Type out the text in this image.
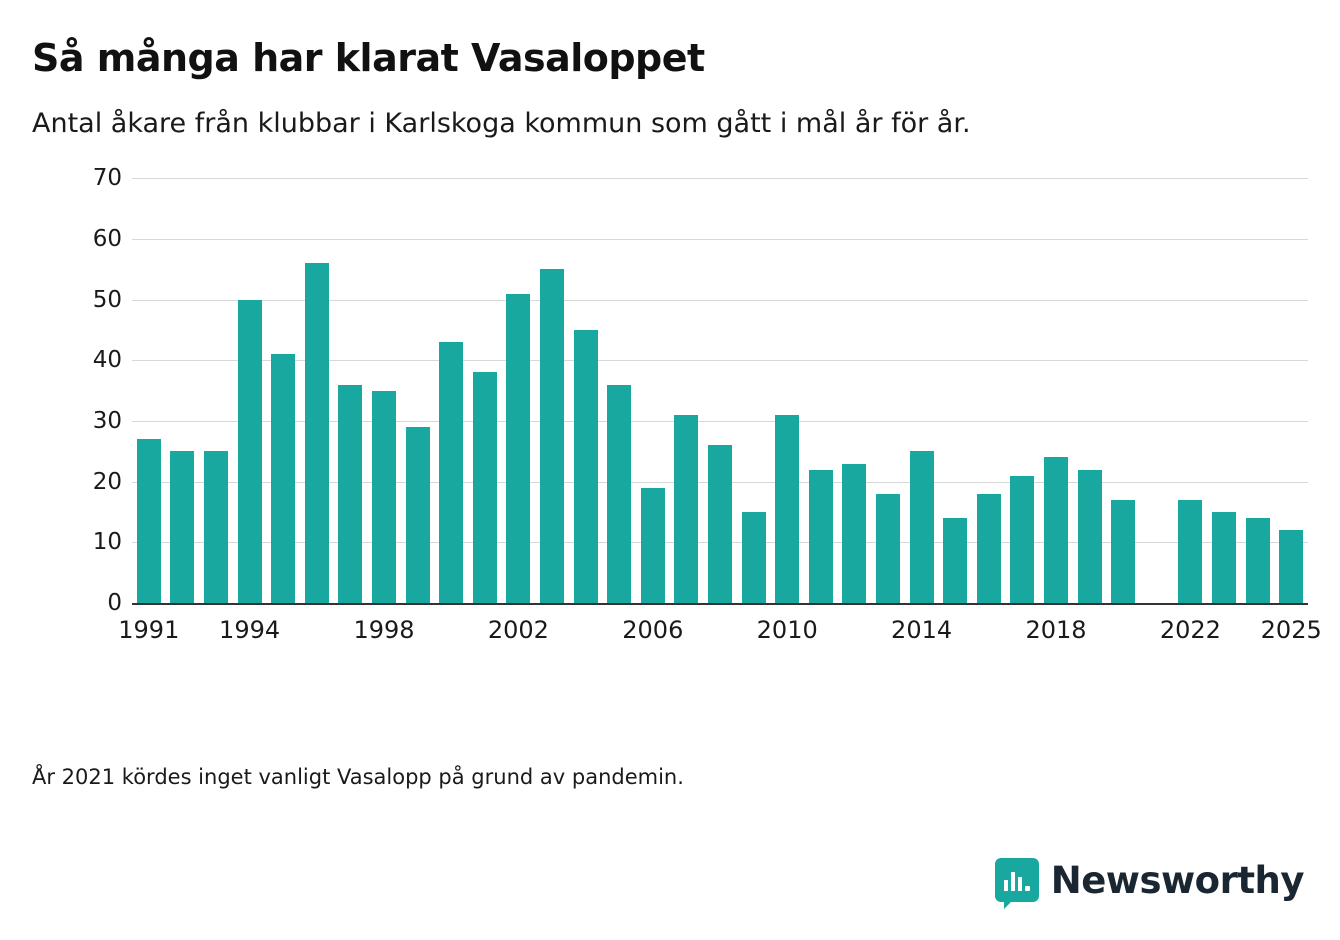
Så många har klarat Vasaloppet
Antal åkare från klubbar i Karlskoga kommun som gått i mål år för år.
0
10
20
30
40
50
60
70
1991 1994	1998	2002	2006	2010	2014	2018	2022 2025
År 2021 kördes inget vanligt Vasalopp på grund av pandemin.
Newsworthy
